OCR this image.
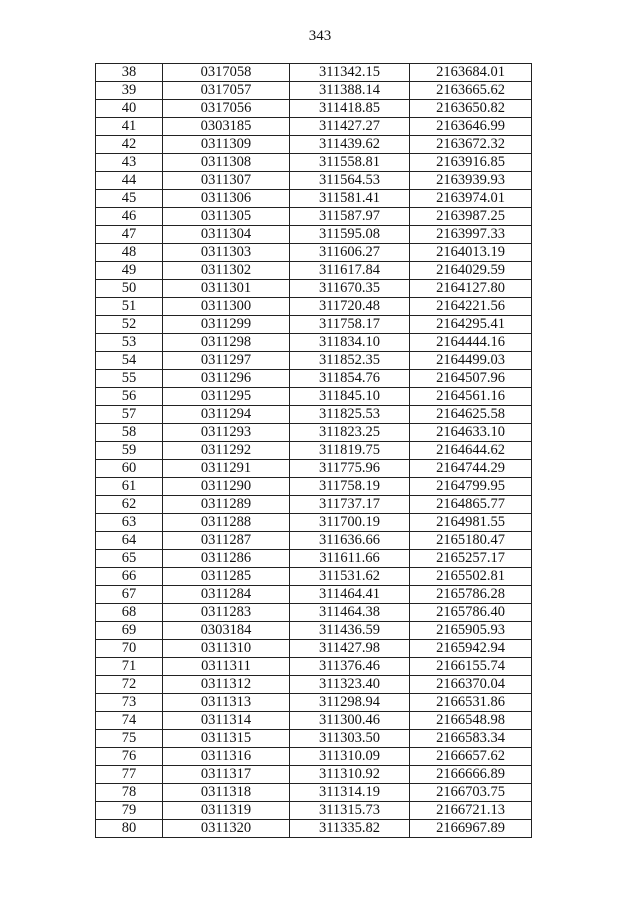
343
38	0317058	311342.15	2163684.01
39	0317057	311388.14	2163665.62
40	0317056	311418.85	2163650.82
41	0303185	311427.27	2163646.99
42	0311309	311439.62	2163672.32
43	0311308	311558.81	2163916.85
44	0311307	311564.53	2163939.93
45	0311306	311581.41	2163974.01
46	0311305	311587.97	2163987.25
47	0311304	311595.08	2163997.33
48	0311303	311606.27	2164013.19
49	0311302	311617.84	2164029.59
50	0311301	311670.35	2164127.80
51	0311300	311720.48	2164221.56
52	0311299	311758.17	2164295.41
53	0311298	311834.10	2164444.16
54	0311297	311852.35	2164499.03
55	0311296	311854.76	2164507.96
56	0311295	311845.10	2164561.16
57	0311294	311825.53	2164625.58
58	0311293	311823.25	2164633.10
59	0311292	311819.75	2164644.62
60	0311291	311775.96	2164744.29
61	0311290	311758.19	2164799.95
62	0311289	311737.17	2164865.77
63	0311288	311700.19	2164981.55
64	0311287	311636.66	2165180.47
65	0311286	311611.66	2165257.17
66	0311285	311531.62	2165502.81
67	0311284	311464.41	2165786.28
68	0311283	311464.38	2165786.40
69	0303184	311436.59	2165905.93
70	0311310	311427.98	2165942.94
71	0311311	311376.46	2166155.74
72	0311312	311323.40	2166370.04
73	0311313	311298.94	2166531.86
74	0311314	311300.46	2166548.98
75	0311315	311303.50	2166583.34
76	0311316	311310.09	2166657.62
77	0311317	311310.92	2166666.89
78	0311318	311314.19	2166703.75
79	0311319	311315.73	2166721.13
80	0311320	311335.82	2166967.89
